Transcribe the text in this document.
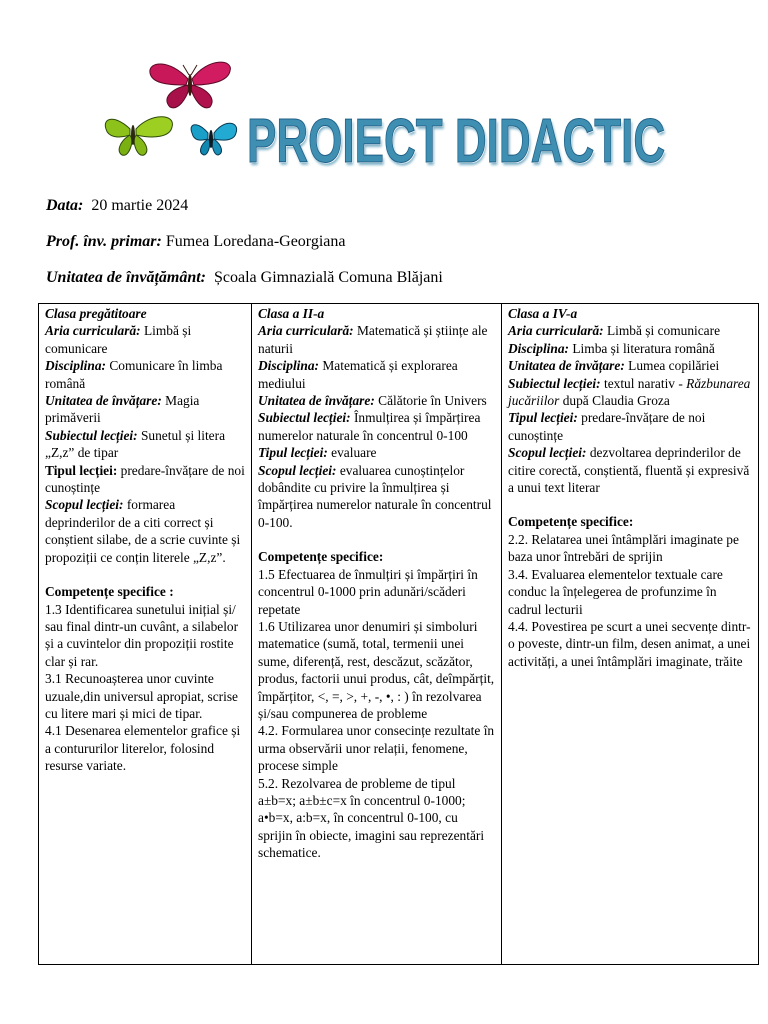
PROIECT DIDACTIC
Data: 20 martie 2024
Prof. înv. primar: Fumea Loredana-Georgiana
Unitatea de învățământ: Școala Gimnazială Comuna Blăjani
Clasa pregătitoare
Aria curriculară: Limbă și comunicare
Disciplina: Comunicare în limba română
Unitatea de învățare: Magia primăverii
Subiectul lecției: Sunetul și litera „Z,z” de tipar
Tipul lecției: predare-învățare de noi cunoștințe
Scopul lecției: formarea deprinderilor de a citi correct și conștient silabe, de a scrie cuvinte și propoziții ce conțin literele „Z,z”.
Competențe specifice :
1.3 Identificarea sunetului inițial și/ sau final dintr-un cuvânt, a silabelor și a cuvintelor din propoziții rostite clar și rar.
3.1 Recunoașterea unor cuvinte uzuale,din universul apropiat, scrise cu litere mari și mici de tipar.
4.1 Desenarea elementelor grafice și a contururilor literelor, folosind resurse variate.

Clasa a II-a
Aria curriculară: Matematică și științe ale naturii
Disciplina: Matematică și explorarea mediului
Unitatea de învățare: Călătorie în Univers
Subiectul lecției: Înmulțirea și împărțirea numerelor naturale în concentrul 0-100
Tipul lecției: evaluare
Scopul lecției: evaluarea cunoștințelor dobândite cu privire la înmulțirea și împărțirea numerelor naturale în concentrul 0-100.
Competențe specifice:
1.5 Efectuarea de înmulțiri și împărțiri în concentrul 0-1000 prin adunări/scăderi repetate
1.6 Utilizarea unor denumiri și simboluri matematice (sumă, total, termenii unei sume, diferență, rest, descăzut, scăzător, produs, factorii unui produs, cât, deîmpărțit, împărțitor, <, =, >, +, -, •, : ) în rezolvarea și/sau compunerea de probleme
4.2. Formularea unor consecințe rezultate în urma observării unor relații, fenomene, procese simple
5.2. Rezolvarea de probleme de tipul a±b=x; a±b±c=x în concentrul 0-1000; a•b=x, a:b=x, în concentrul 0-100, cu sprijin în obiecte, imagini sau reprezentări schematice.

Clasa a IV-a
Aria curriculară: Limbă și comunicare
Disciplina: Limba și literatura română
Unitatea de învățare: Lumea copilăriei
Subiectul lecției: textul narativ - Răzbunarea jucăriilor după Claudia Groza
Tipul lecției: predare-învățare de noi cunoștințe
Scopul lecției: dezvoltarea deprinderilor de citire corectă, conștientă, fluentă și expresivă a unui text literar
Competențe specifice:
2.2. Relatarea unei întâmplări imaginate pe baza unor întrebări de sprijin
3.4. Evaluarea elementelor textuale care conduc la înțelegerea de profunzime în cadrul lecturii
4.4. Povestirea pe scurt a unei secvențe dintr-o poveste, dintr-un film, desen animat, a unei activități, a unei întâmplări imaginate, trăite
